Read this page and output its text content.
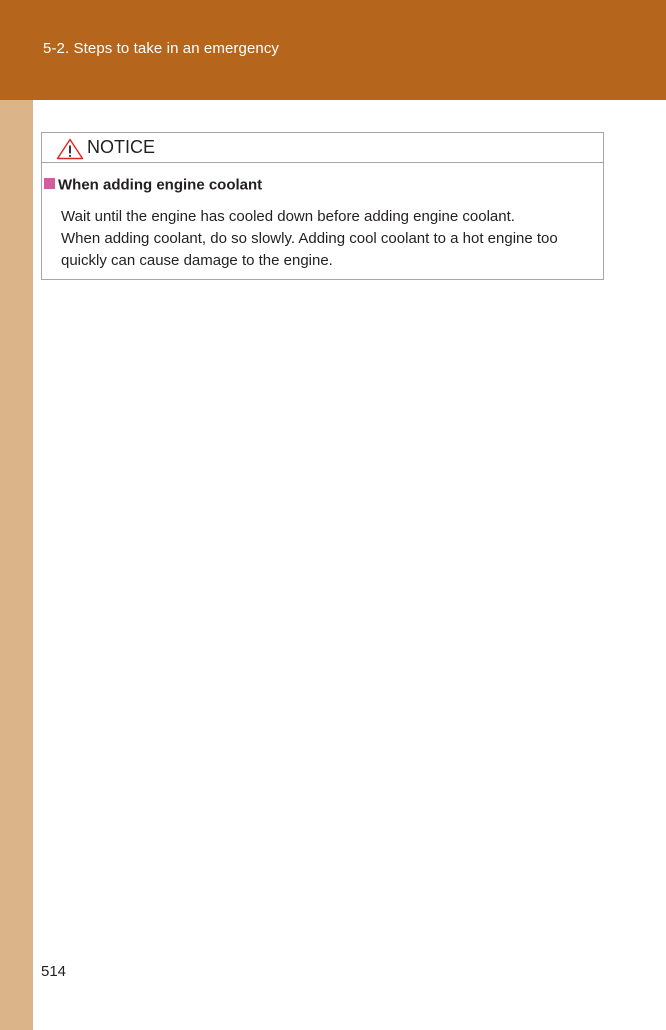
5-2. Steps to take in an emergency
NOTICE
When adding engine coolant

Wait until the engine has cooled down before adding engine coolant.

When adding coolant, do so slowly. Adding cool coolant to a hot engine too quickly can cause damage to the engine.

514
